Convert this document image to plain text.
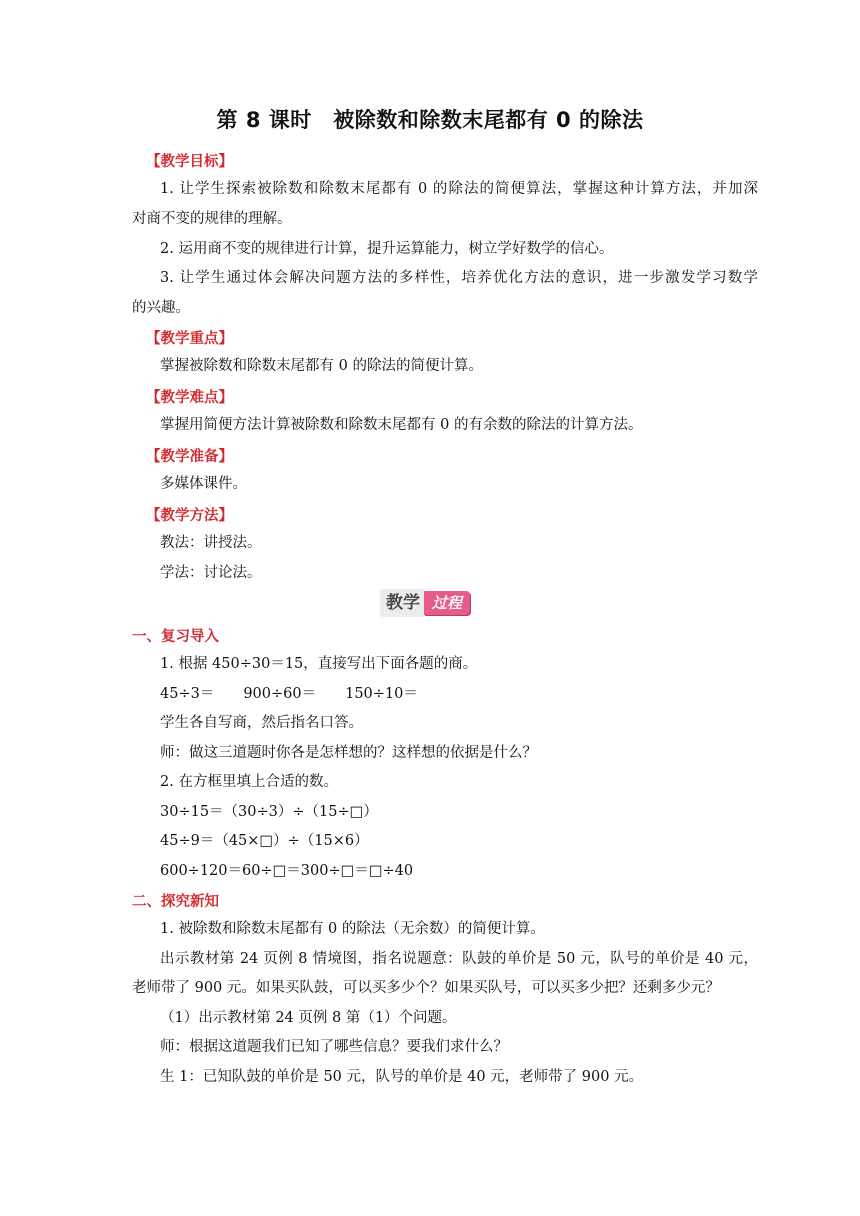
第 8 课时　被除数和除数末尾都有 0 的除法
【教学目标】
1. 让学生探索被除数和除数末尾都有 0 的除法的简便算法，掌握这种计算方法，并加深
对商不变的规律的理解。
2. 运用商不变的规律进行计算，提升运算能力，树立学好数学的信心。
3. 让学生通过体会解决问题方法的多样性，培养优化方法的意识，进一步激发学习数学
的兴趣。
【教学重点】
掌握被除数和除数末尾都有 0 的除法的简便计算。
【教学难点】
掌握用简便方法计算被除数和除数末尾都有 0 的有余数的除法的计算方法。
【教学准备】
多媒体课件。
【教学方法】
教法：讲授法。
学法：讨论法。
教学 过程
一、复习导入
1. 根据 450÷30＝15，直接写出下面各题的商。
45÷3＝　　900÷60＝　　150÷10＝
学生各自写商，然后指名口答。
师：做这三道题时你各是怎样想的？这样想的依据是什么？
2. 在方框里填上合适的数。
30÷15＝（30÷3）÷（15÷□）
45÷9＝（45×□）÷（15×6）
600÷120＝60÷□＝300÷□＝□÷40
二、探究新知
1. 被除数和除数末尾都有 0 的除法（无余数）的简便计算。
出示教材第 24 页例 8 情境图，指名说题意：队鼓的单价是 50 元，队号的单价是 40 元，
老师带了 900 元。如果买队鼓，可以买多少个？如果买队号，可以买多少把？还剩多少元？
（1）出示教材第 24 页例 8 第（1）个问题。
师：根据这道题我们已知了哪些信息？要我们求什么？
生 1：已知队鼓的单价是 50 元，队号的单价是 40 元，老师带了 900 元。
